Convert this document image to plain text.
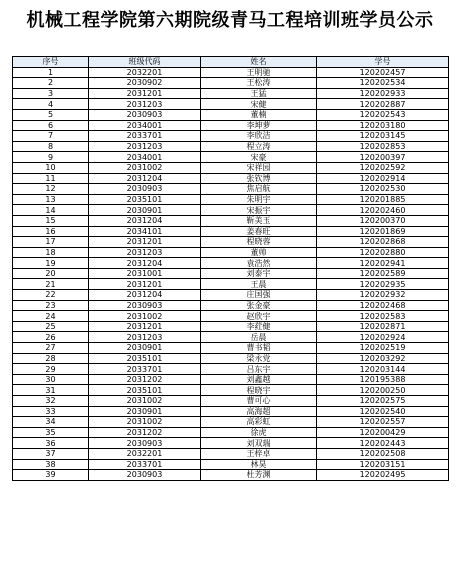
机械工程学院第六期院级青马工程培训班学员公示
序号	班级代码	姓名	学号
1	2032201	王明驰	120202457
2	2030902	王松涛	120202534
3	2031201	王猛	120202933
4	2031203	宋健	120202887
5	2030903	董楠	120202543
6	2034001	李坤萝	120203180
7	2033701	李欣洁	120203145
8	2031203	程立涛	120202853
9	2034001	宋豪	120200397
10	2031002	宋祥园	120202592
11	2031204	张钦博	120202914
12	2030903	焦启航	120202530
13	2035101	朱明宇	120201885
14	2030901	宋振宇	120202460
15	2031204	靳美玉	120200370
16	2034101	姜春旺	120201869
17	2031201	程晓蓉	120202868
18	2031203	董帅	120202880
19	2031204	袁浩然	120202941
20	2031001	刘泰宇	120202589
21	2031201	王晨	120202935
22	2031204	庄国强	120202932
23	2030903	张金豪	120202468
24	2031002	赵欣宇	120202583
25	2031201	李荭健	120202871
26	2031203	岳晨	120202924
27	2030901	曹书韬	120202519
28	2035101	梁永党	120203292
29	2033701	吕东宇	120203144
30	2031202	刘鑫越	120195388
31	2035101	程晓宇	120200250
32	2031002	曹可心	120202575
33	2030901	高海超	120202540
34	2031002	高彩虹	120202557
35	2031202	徐虎	120200429
36	2030903	刘双瑞	120202443
37	2032201	王梓卓	120202508
38	2033701	林昊	120203151
39	2030903	杜芳渊	120202495
